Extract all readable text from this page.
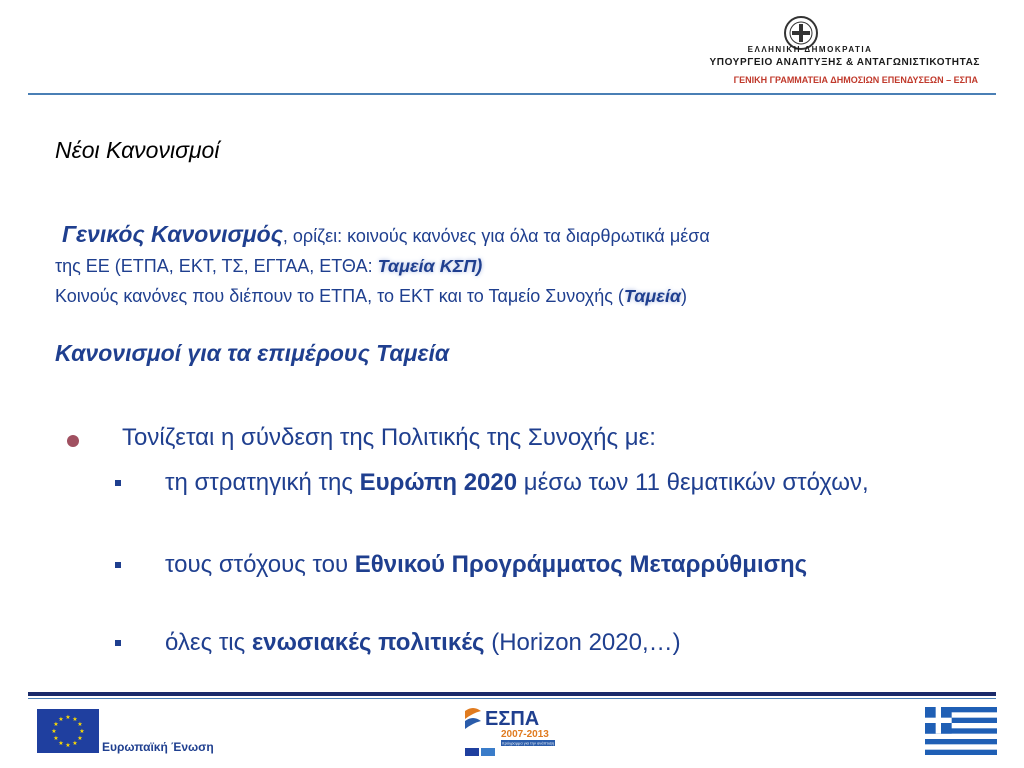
ΕΛΛΗΝΙΚΗ ΔΗΜΟΚΡΑΤΙΑ
ΥΠΟΥΡΓΕΙΟ ΑΝΑΠΤΥΞΗΣ & ΑΝΤΑΓΩΝΙΣΤΙΚΟΤΗΤΑΣ
ΓΕΝΙΚΗ ΓΡΑΜΜΑΤΕΙΑ ΔΗΜΟΣΙΩΝ ΕΠΕΝΔΥΣΕΩΝ – ΕΣΠΑ
Νέοι Κανονισμοί
Γενικός Κανονισμός, ορίζει: κοινούς κανόνες για όλα τα διαρθρωτικά μέσα
της ΕΕ (ΕΤΠΑ, ΕΚΤ, ΤΣ, ΕΓΤΑΑ, ΕΤΘΑ: Ταμεία ΚΣΠ)
Κοινούς κανόνες που διέπουν το ΕΤΠΑ, το ΕΚΤ και το Ταμείο Συνοχής (Ταμεία)
Κανονισμοί για τα επιμέρους Ταμεία
Τονίζεται η σύνδεση της Πολιτικής της Συνοχής με:
τη στρατηγική της Ευρώπη 2020 μέσω των 11 θεματικών στόχων,
τους στόχους του Εθνικού Προγράμματος Μεταρρύθμισης
όλες τις ενωσιακές πολιτικές (Horizon 2020,…)
★ ★
★
★
★
★
★
★
★
★
★
★
Ευρωπαϊκή Ένωση
ΕΣΠΑ
2007-2013
πρόγραμμα για την ανάπτυξη
